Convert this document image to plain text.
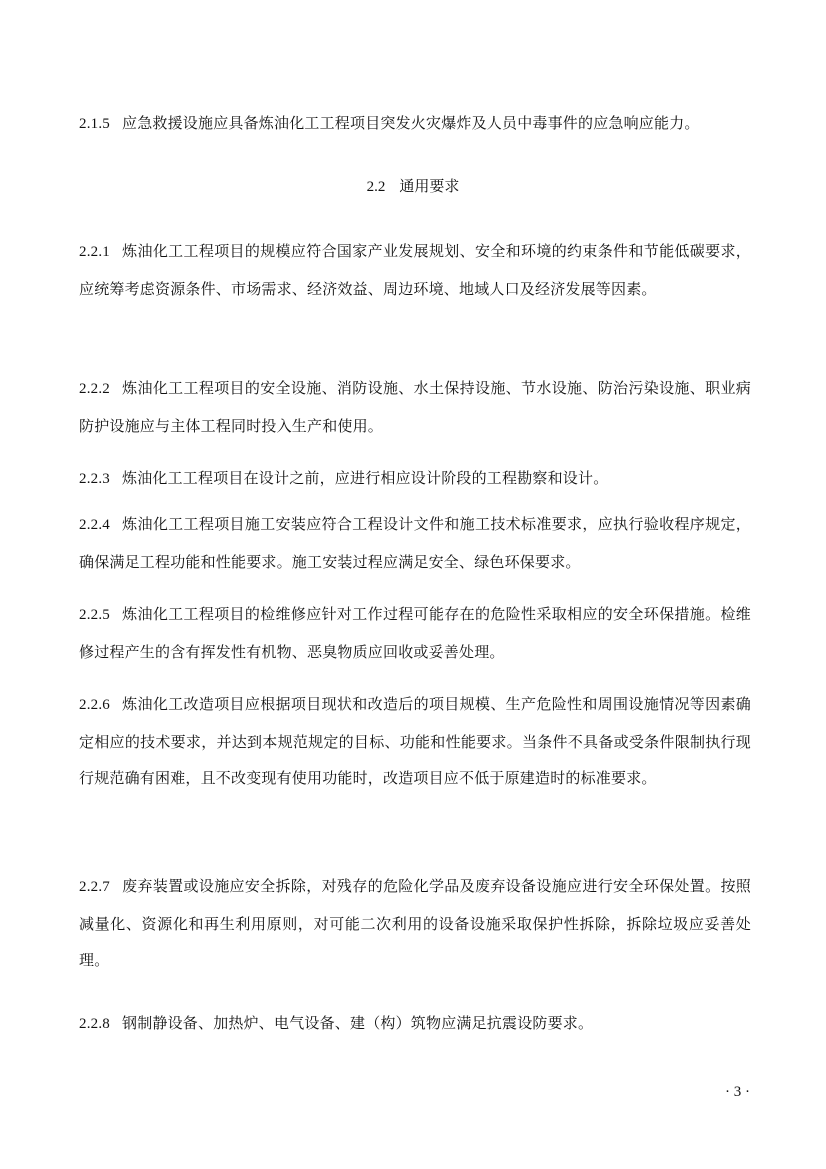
2.1.5 应急救援设施应具备炼油化工工程项目突发火灾爆炸及人员中毒事件的应急响应能力。
2.2 通用要求
2.2.1 炼油化工工程项目的规模应符合国家产业发展规划、安全和环境的约束条件和节能低碳要求，应统筹考虑资源条件、市场需求、经济效益、周边环境、地域人口及经济发展等因素。
2.2.2 炼油化工工程项目的安全设施、消防设施、水土保持设施、节水设施、防治污染设施、职业病防护设施应与主体工程同时投入生产和使用。
2.2.3 炼油化工工程项目在设计之前，应进行相应设计阶段的工程勘察和设计。
2.2.4 炼油化工工程项目施工安装应符合工程设计文件和施工技术标准要求，应执行验收程序规定，确保满足工程功能和性能要求。施工安装过程应满足安全、绿色环保要求。
2.2.5 炼油化工工程项目的检维修应针对工作过程可能存在的危险性采取相应的安全环保措施。检维修过程产生的含有挥发性有机物、恶臭物质应回收或妥善处理。
2.2.6 炼油化工改造项目应根据项目现状和改造后的项目规模、生产危险性和周围设施情况等因素确定相应的技术要求，并达到本规范规定的目标、功能和性能要求。当条件不具备或受条件限制执行现行规范确有困难，且不改变现有使用功能时，改造项目应不低于原建造时的标准要求。
2.2.7 废弃装置或设施应安全拆除，对残存的危险化学品及废弃设备设施应进行安全环保处置。按照减量化、资源化和再生利用原则，对可能二次利用的设备设施采取保护性拆除，拆除垃圾应妥善处理。
2.2.8 钢制静设备、加热炉、电气设备、建（构）筑物应满足抗震设防要求。
· 3 ·
